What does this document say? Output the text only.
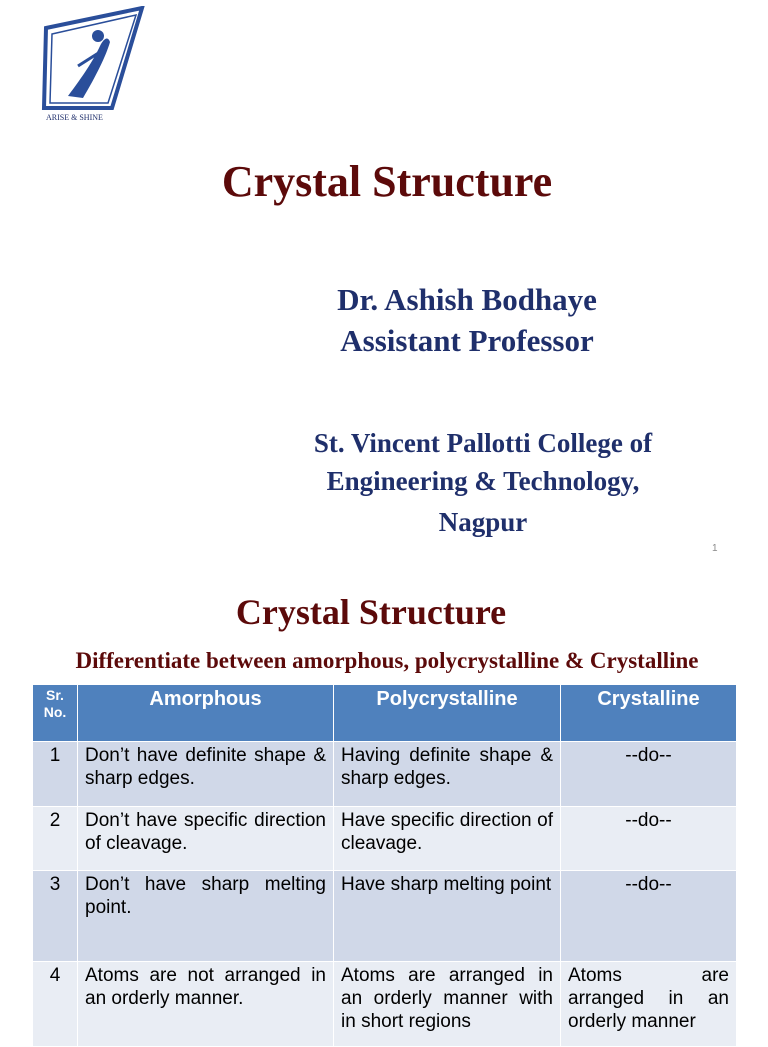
ARISE & SHINE
Crystal Structure
Dr. Ashish Bodhaye
Assistant Professor
St. Vincent Pallotti College of
Engineering & Technology,
Nagpur
1
Crystal Structure
Differentiate between amorphous, polycrystalline & Crystalline
Sr. No.	Amorphous	Polycrystalline	Crystalline
1	Don’t have definite shape & sharp edges.	Having definite shape & sharp edges.	--do--
2	Don’t have specific direction of cleavage.	Have specific direction of cleavage.	--do--
3	Don’t have sharp melting point.	Have sharp melting point	--do--
4	Atoms are not arranged in an orderly manner.	Atoms are arranged in an orderly manner with in short regions	Atoms are arranged in an orderly manner
